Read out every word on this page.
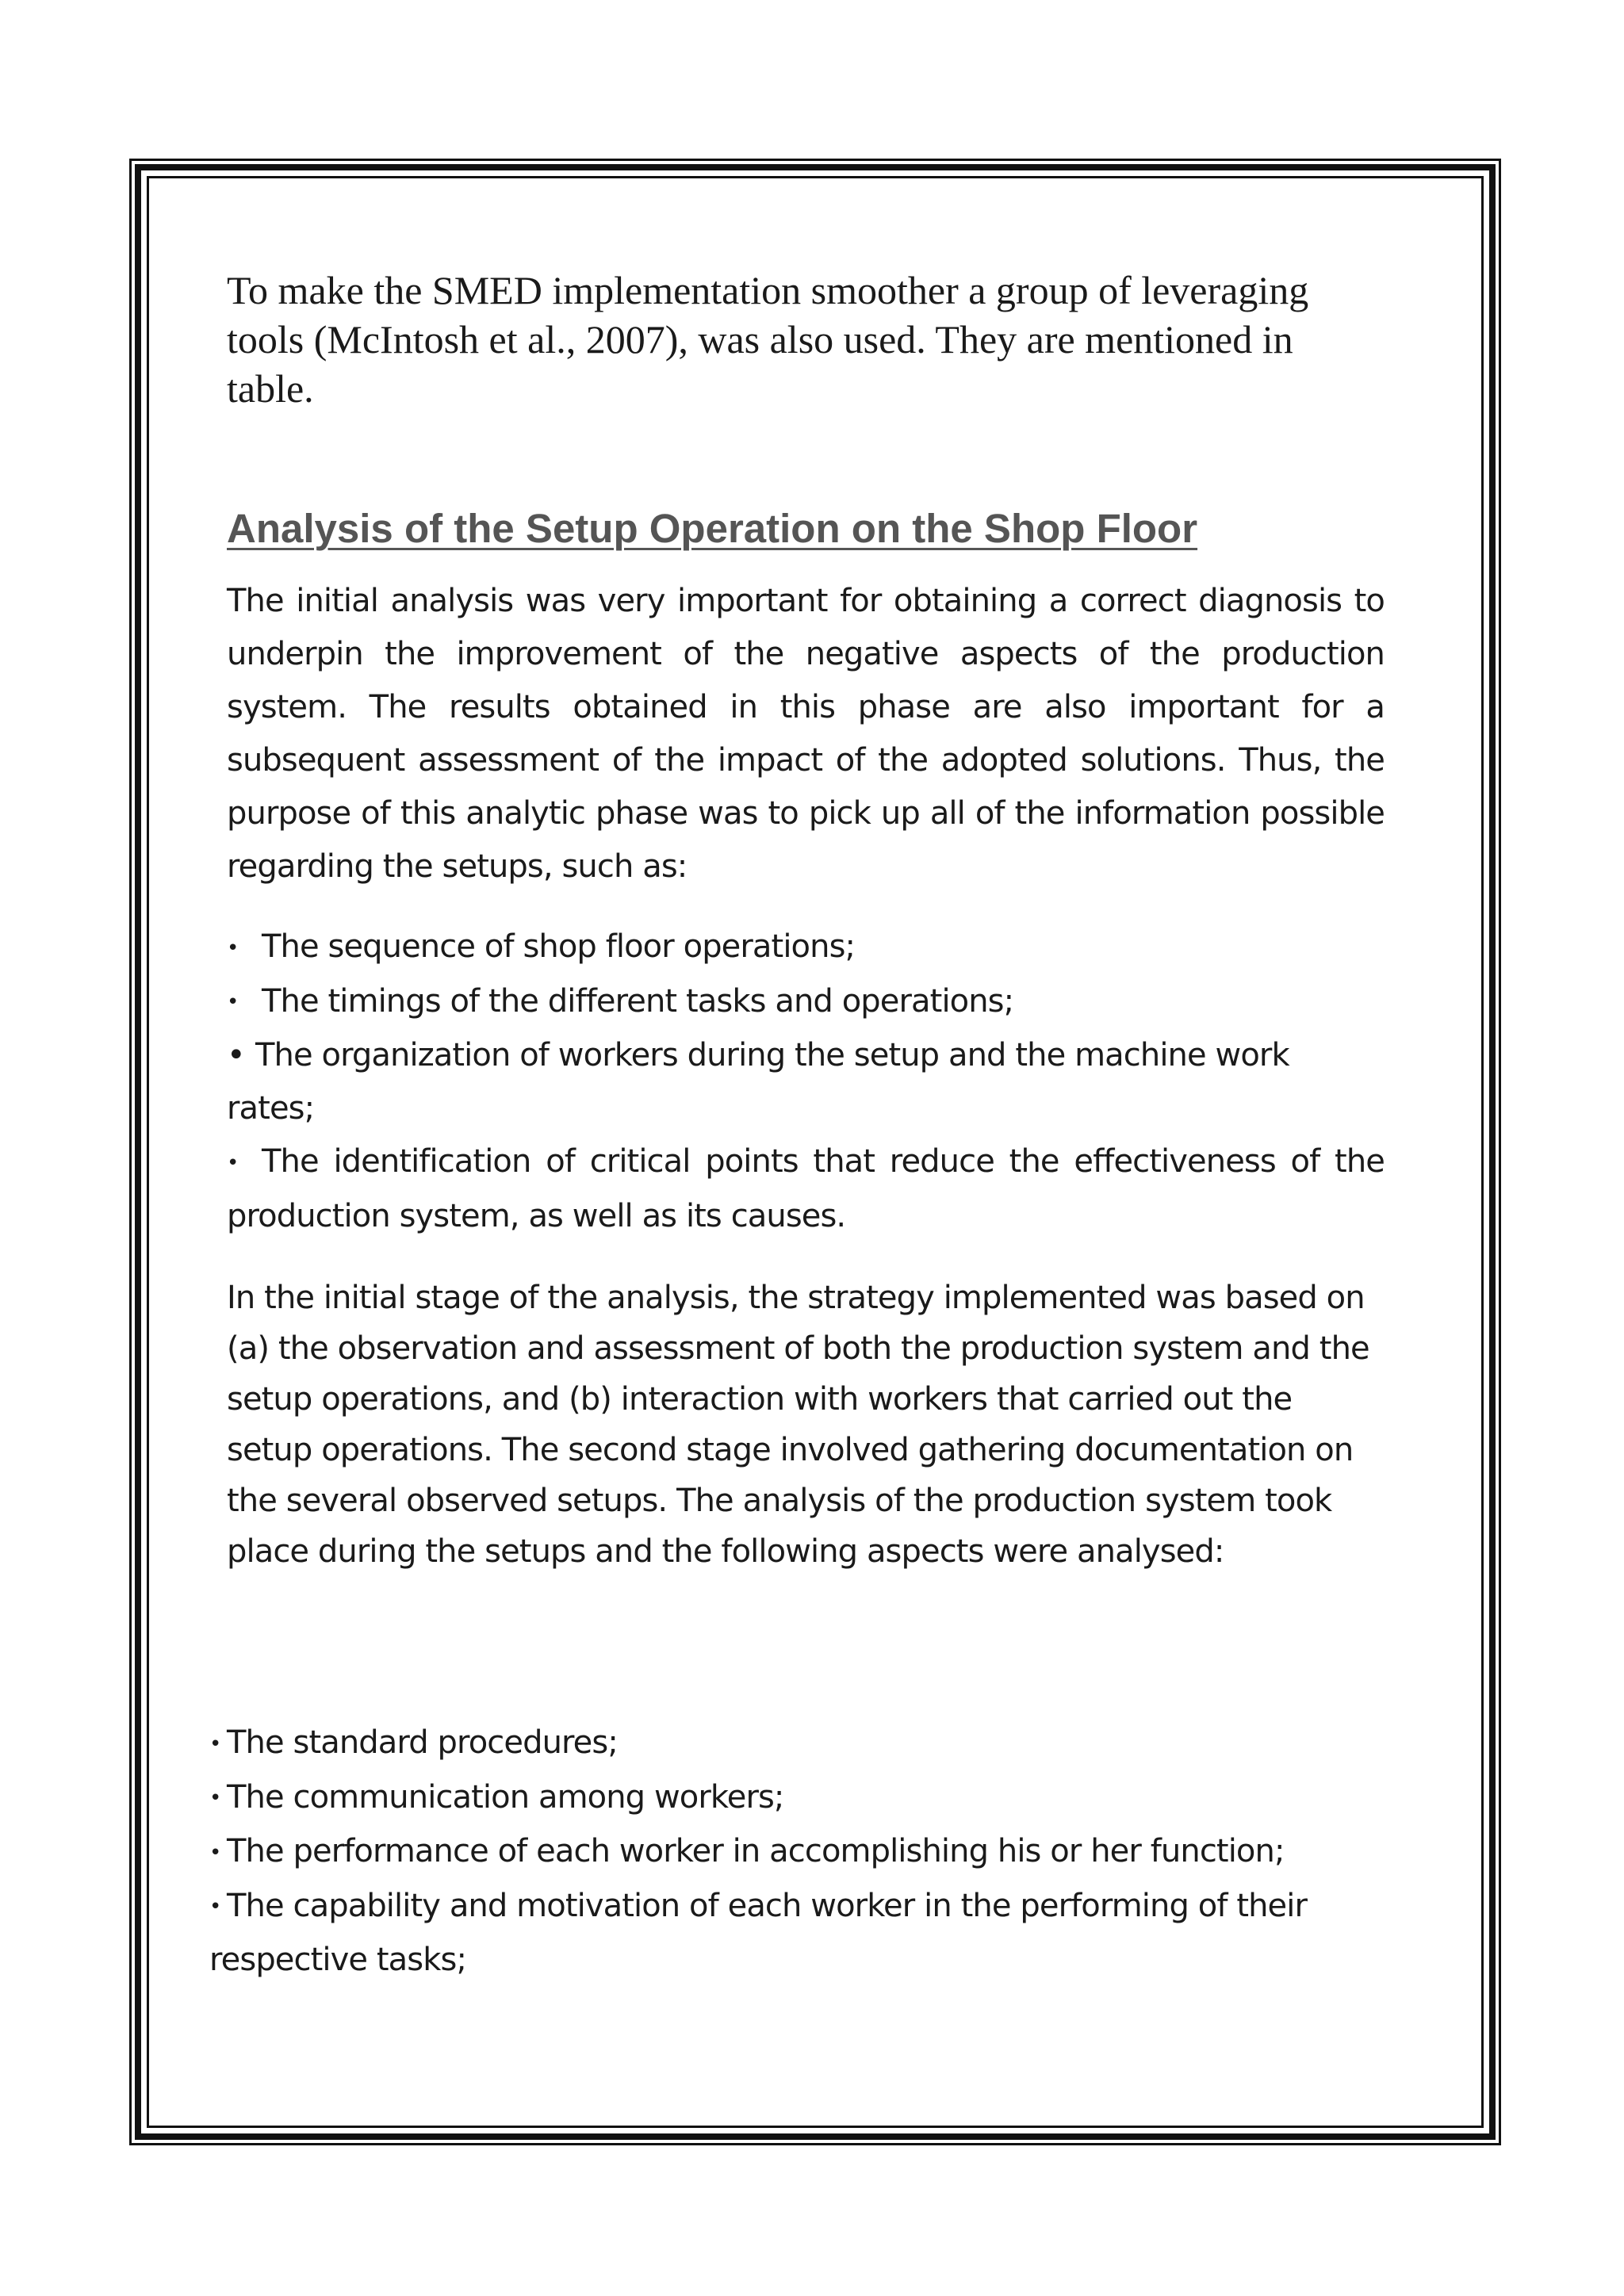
To make the SMED implementation smoother a group of leveraging tools (McIntosh et al., 2007), was also used. They are mentioned in table.

Analysis of the Setup Operation on the Shop Floor

The initial analysis was very important for obtaining a correct diagnosis to underpin the improvement of the negative aspects of the production system. The results obtained in this phase are also important for a subsequent assessment of the impact of the adopted solutions. Thus, the purpose of this analytic phase was to pick up all of the information possible regarding the setups, such as:

• The sequence of shop floor operations;
• The timings of the different tasks and operations;
• The organization of workers during the setup and the machine work rates;
• The identification of critical points that reduce the effectiveness of the production system, as well as its causes.

In the initial stage of the analysis, the strategy implemented was based on (a) the observation and assessment of both the production system and the setup operations, and (b) interaction with workers that carried out the setup operations. The second stage involved gathering documentation on the several observed setups. The analysis of the production system took place during the setups and the following aspects were analysed:

• The standard procedures;
• The communication among workers;
• The performance of each worker in accomplishing his or her function;
• The capability and motivation of each worker in the performing of their respective tasks;
